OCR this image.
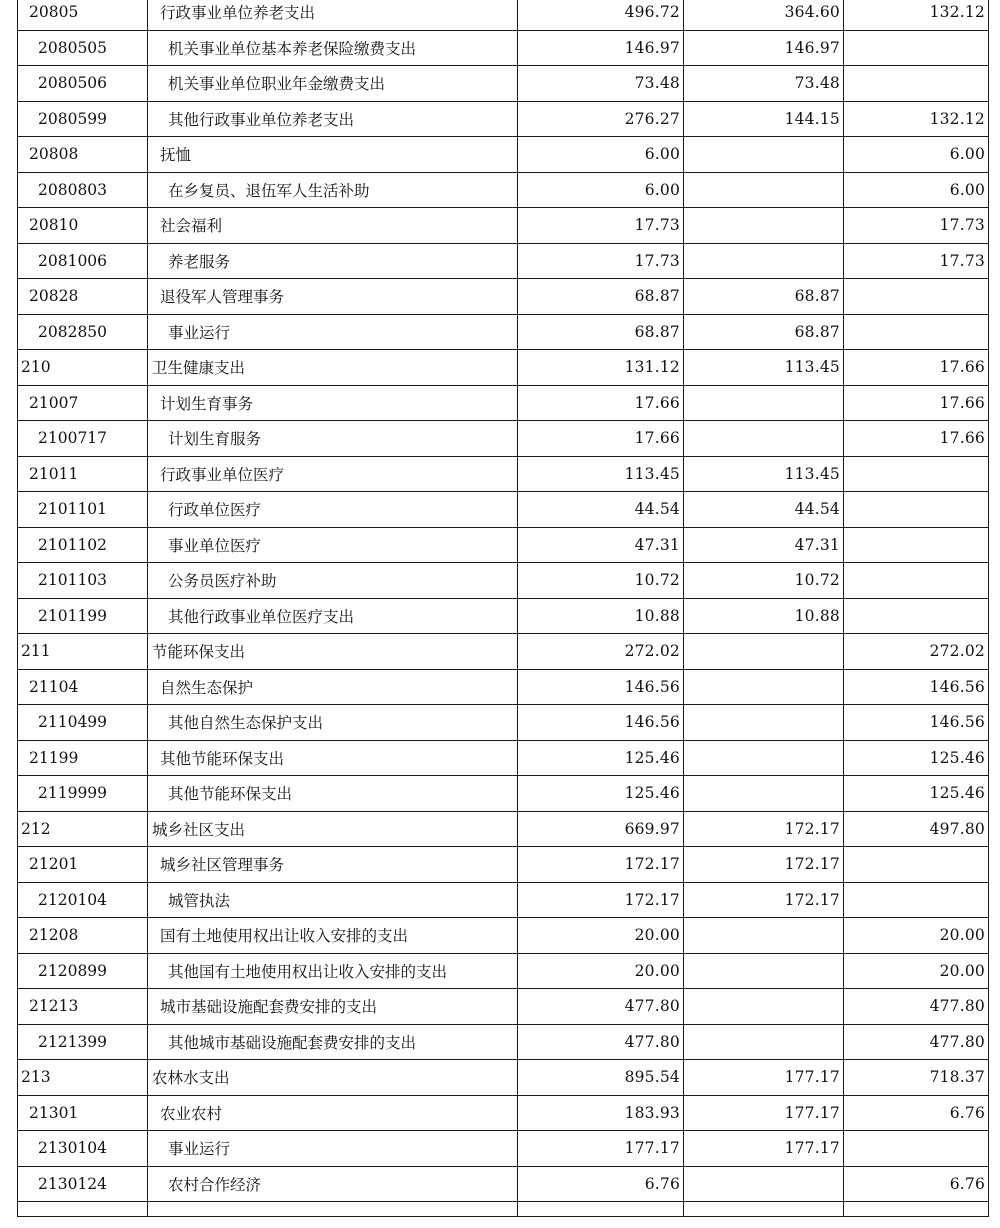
20805	行政事业单位养老支出	496.72	364.60	132.12
2080505	机关事业单位基本养老保险缴费支出	146.97	146.97	
2080506	机关事业单位职业年金缴费支出	73.48	73.48	
2080599	其他行政事业单位养老支出	276.27	144.15	132.12
20808	抚恤	6.00		6.00
2080803	在乡复员、退伍军人生活补助	6.00		6.00
20810	社会福利	17.73		17.73
2081006	养老服务	17.73		17.73
20828	退役军人管理事务	68.87	68.87	
2082850	事业运行	68.87	68.87	
210	卫生健康支出	131.12	113.45	17.66
21007	计划生育事务	17.66		17.66
2100717	计划生育服务	17.66		17.66
21011	行政事业单位医疗	113.45	113.45	
2101101	行政单位医疗	44.54	44.54	
2101102	事业单位医疗	47.31	47.31	
2101103	公务员医疗补助	10.72	10.72	
2101199	其他行政事业单位医疗支出	10.88	10.88	
211	节能环保支出	272.02		272.02
21104	自然生态保护	146.56		146.56
2110499	其他自然生态保护支出	146.56		146.56
21199	其他节能环保支出	125.46		125.46
2119999	其他节能环保支出	125.46		125.46
212	城乡社区支出	669.97	172.17	497.80
21201	城乡社区管理事务	172.17	172.17	
2120104	城管执法	172.17	172.17	
21208	国有土地使用权出让收入安排的支出	20.00		20.00
2120899	其他国有土地使用权出让收入安排的支出	20.00		20.00
21213	城市基础设施配套费安排的支出	477.80		477.80
2121399	其他城市基础设施配套费安排的支出	477.80		477.80
213	农林水支出	895.54	177.17	718.37
21301	农业农村	183.93	177.17	6.76
2130104	事业运行	177.17	177.17	
2130124	农村合作经济	6.76		6.76
